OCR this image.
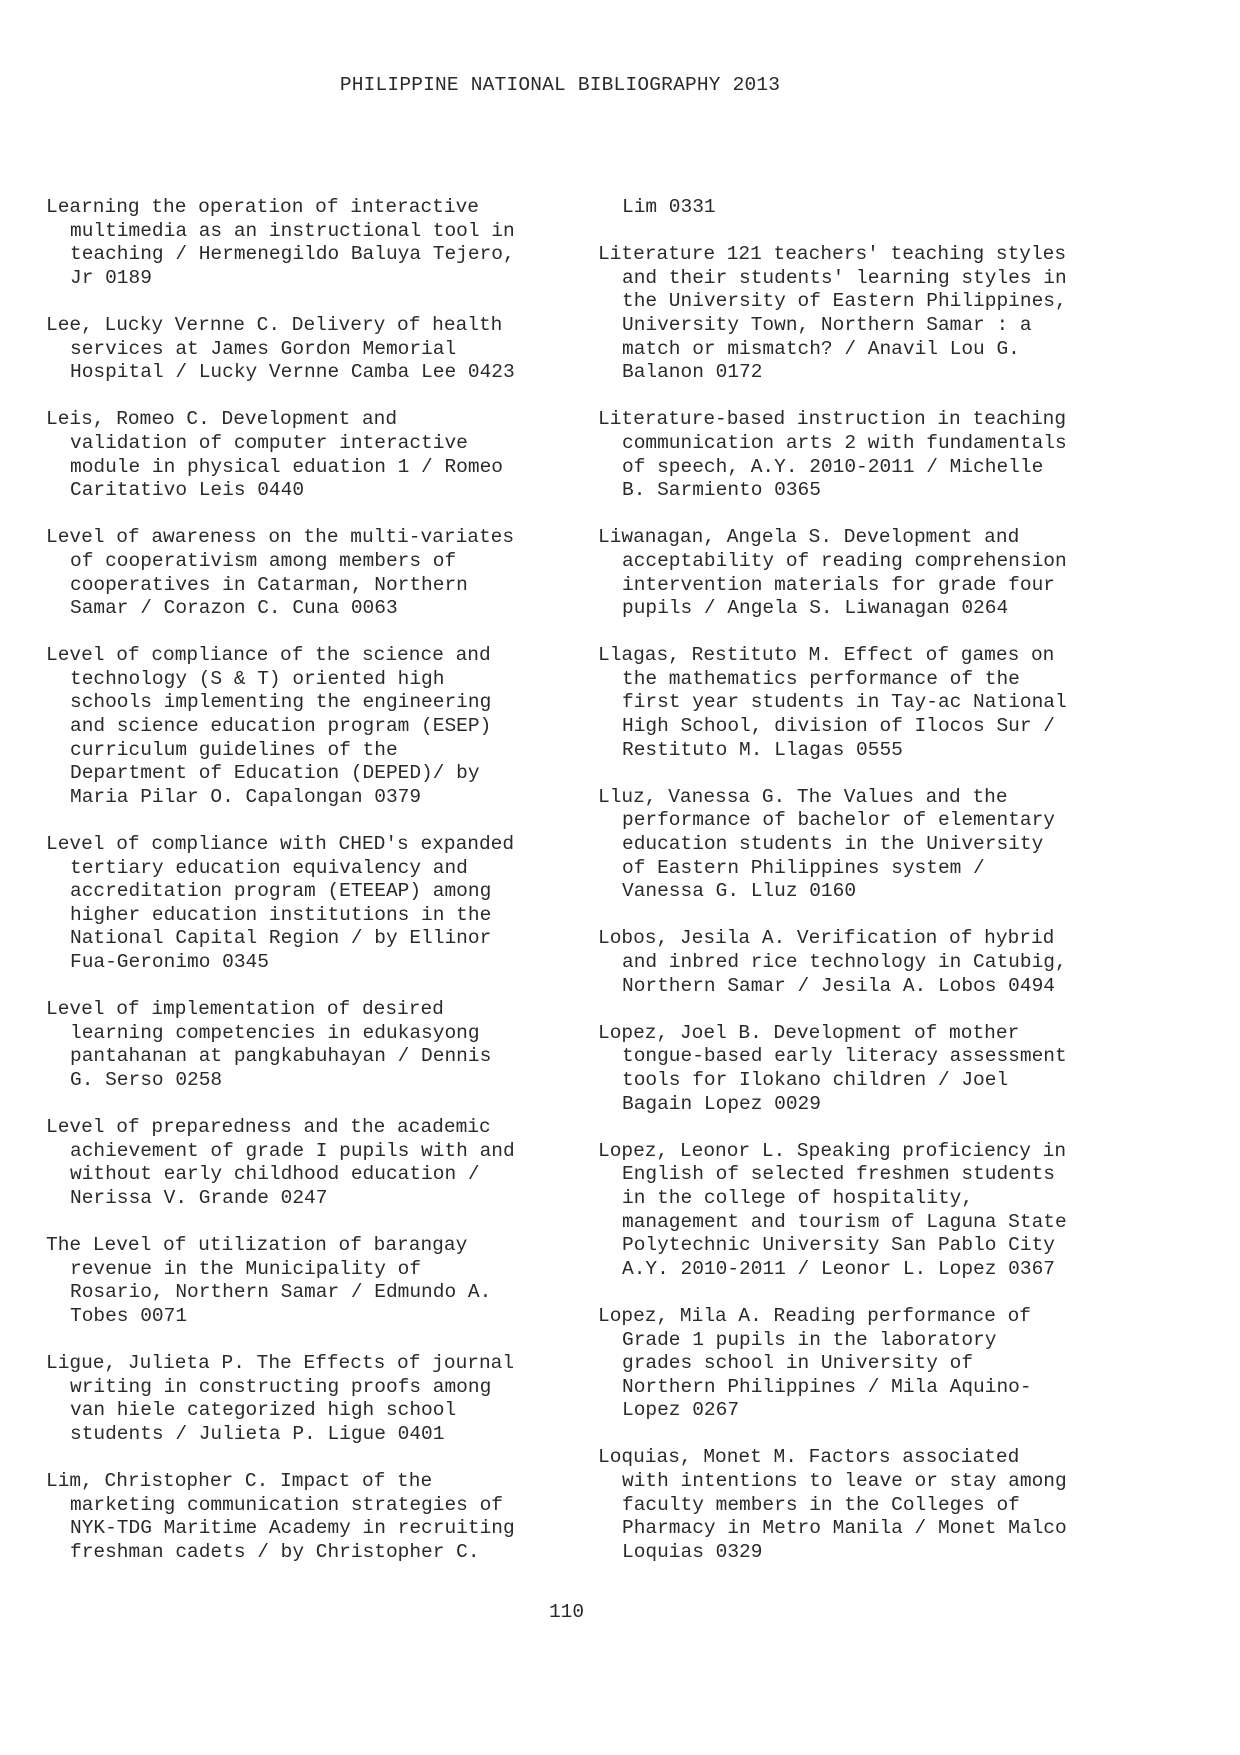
PHILIPPINE NATIONAL BIBLIOGRAPHY 2013
Learning the operation of interactive
multimedia as an instructional tool in
teaching / Hermenegildo Baluya Tejero,
Jr 0189
Lee, Lucky Vernne C. Delivery of health
services at James Gordon Memorial
Hospital / Lucky Vernne Camba Lee 0423
Leis, Romeo C. Development and
validation of computer interactive
module in physical eduation 1 / Romeo
Caritativo Leis 0440
Level of awareness on the multi-variates
of cooperativism among members of
cooperatives in Catarman, Northern
Samar / Corazon C. Cuna 0063
Level of compliance of the science and
technology (S & T) oriented high
schools implementing the engineering
and science education program (ESEP)
curriculum guidelines of the
Department of Education (DEPED)/ by
Maria Pilar O. Capalongan 0379
Level of compliance with CHED's expanded
tertiary education equivalency and
accreditation program (ETEEAP) among
higher education institutions in the
National Capital Region / by Ellinor
Fua-Geronimo 0345
Level of implementation of desired
learning competencies in edukasyong
pantahanan at pangkabuhayan / Dennis
G. Serso 0258
Level of preparedness and the academic
achievement of grade I pupils with and
without early childhood education /
Nerissa V. Grande 0247
The Level of utilization of barangay
revenue in the Municipality of
Rosario, Northern Samar / Edmundo A.
Tobes 0071
Ligue, Julieta P. The Effects of journal
writing in constructing proofs among
van hiele categorized high school
students / Julieta P. Ligue 0401
Lim, Christopher C. Impact of the
marketing communication strategies of
NYK-TDG Maritime Academy in recruiting
freshman cadets / by Christopher C.
Lim 0331
Literature 121 teachers' teaching styles
and their students' learning styles in
the University of Eastern Philippines,
University Town, Northern Samar : a
match or mismatch? / Anavil Lou G.
Balanon 0172
Literature-based instruction in teaching
communication arts 2 with fundamentals
of speech, A.Y. 2010-2011 / Michelle
B. Sarmiento 0365
Liwanagan, Angela S. Development and
acceptability of reading comprehension
intervention materials for grade four
pupils / Angela S. Liwanagan 0264
Llagas, Restituto M. Effect of games on
the mathematics performance of the
first year students in Tay-ac National
High School, division of Ilocos Sur /
Restituto M. Llagas 0555
Lluz, Vanessa G. The Values and the
performance of bachelor of elementary
education students in the University
of Eastern Philippines system /
Vanessa G. Lluz 0160
Lobos, Jesila A. Verification of hybrid
and inbred rice technology in Catubig,
Northern Samar / Jesila A. Lobos 0494
Lopez, Joel B. Development of mother
tongue-based early literacy assessment
tools for Ilokano children / Joel
Bagain Lopez 0029
Lopez, Leonor L. Speaking proficiency in
English of selected freshmen students
in the college of hospitality,
management and tourism of Laguna State
Polytechnic University San Pablo City
A.Y. 2010-2011 / Leonor L. Lopez 0367
Lopez, Mila A. Reading performance of
Grade 1 pupils in the laboratory
grades school in University of
Northern Philippines / Mila Aquino-
Lopez 0267
Loquias, Monet M. Factors associated
with intentions to leave or stay among
faculty members in the Colleges of
Pharmacy in Metro Manila / Monet Malco
Loquias 0329
110
